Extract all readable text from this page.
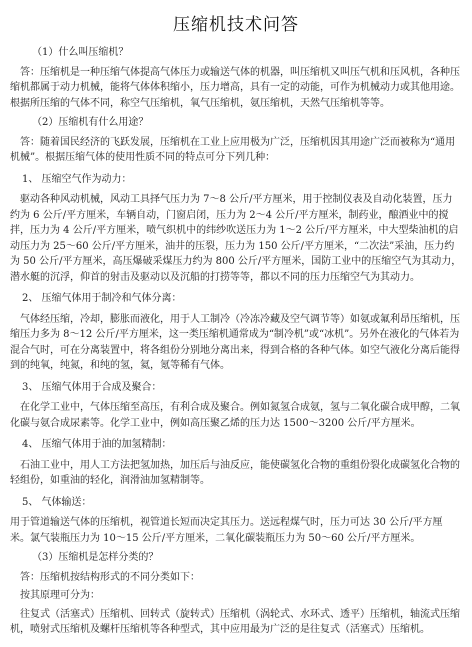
压缩机技术问答

（1）什么叫压缩机？

答：压缩机是一种压缩气体提高气体压力或输送气体的机器，叫压缩机又叫压气机和压风机，各种压缩机都属于动力机械，能将气体体积缩小，压力增高，具有一定的动能，可作为机械动力或其他用途。根据所压缩的气体不同，称空气压缩机，氧气压缩机，氨压缩机，天然气压缩机等等。

（2）压缩机有什么用途？

答：随着国民经济的飞跃发展，压缩机在工业上应用极为广泛，压缩机因其用途广泛而被称为“通用机械”。根据压缩气体的使用性质不同的特点可分下列几种：

1、 压缩空气作为动力：

驱动各种风动机械，风动工具择气压力为 7～8 公斤/平方厘米，用于控制仪表及自动化装置，压力约为 6 公斤/平方厘米，车辆自动，门窗启闭，压力为 2～4 公斤/平方厘米，制药业，酿酒业中的搅拌，压力为 4 公斤/平方厘米，喷气织机中的纬纱吹送压力为 1～2 公斤/平方厘米，中大型柴油机的启动压力为 25～60 公斤/平方厘米，油井的压裂，压力为 150 公斤/平方厘米，“二次法”采油，压力约为 50 公斤/平方厘米，高压爆破采煤压力约为 800 公斤/平方厘米，国防工业中的压缩空气为其动力，潜水艇的沉浮，仰首的射击及驱动以及沉船的打捞等等，都以不同的压力压缩空气为其动力。

2、 压缩气体用于制冷和气体分离：

气体经压缩，冷却，膨胀而液化，用于人工制冷（冷冻冷藏及空气调节等）如氨或氟利昂压缩机，压缩压力多为 8～12 公斤/平方厘米，这一类压缩机通常成为“制冷机”或“冰机”。另外在液化的气体若为混合气时，可在分离装置中，将各组份分别地分离出来，得到合格的各种气体。如空气液化分离后能得到的纯氧，纯氮，和纯的氢，氦，氪等稀有气体。

3、 压缩气体用于合成及聚合：

在化学工业中，气体压缩至高压，有利合成及聚合。例如氮氢合成氨，氢与二氧化碳合成甲醇，二氧化碳与氨合成尿素等。化学工业中，例如高压聚乙烯的压力达 1500～3200 公斤/平方厘米。

4、 压缩气体用于油的加氢精制：

石油工业中，用人工方法把氢加热，加压后与油反应，能使碳氢化合物的重组份裂化成碳氢化合物的轻组份，如重油的轻化，润滑油加氢精制等。

5、 气体输送：

用于管道输送气体的压缩机，视管道长短而决定其压力。送远程煤气时，压力可达 30 公斤/平方厘米。氯气装瓶压力为 10～15 公斤/平方厘米，二氧化碳装瓶压力为 50～60 公斤/平方厘米。

（3）压缩机是怎样分类的？

答：压缩机按结构形式的不同分类如下：

按其原理可分为：

往复式（活塞式）压缩机、回转式（旋转式）压缩机（涡轮式、水环式、透平）压缩机，轴流式压缩机，喷射式压缩机及螺杆压缩机等各种型式，其中应用最为广泛的是往复式（活塞式）压缩机。
